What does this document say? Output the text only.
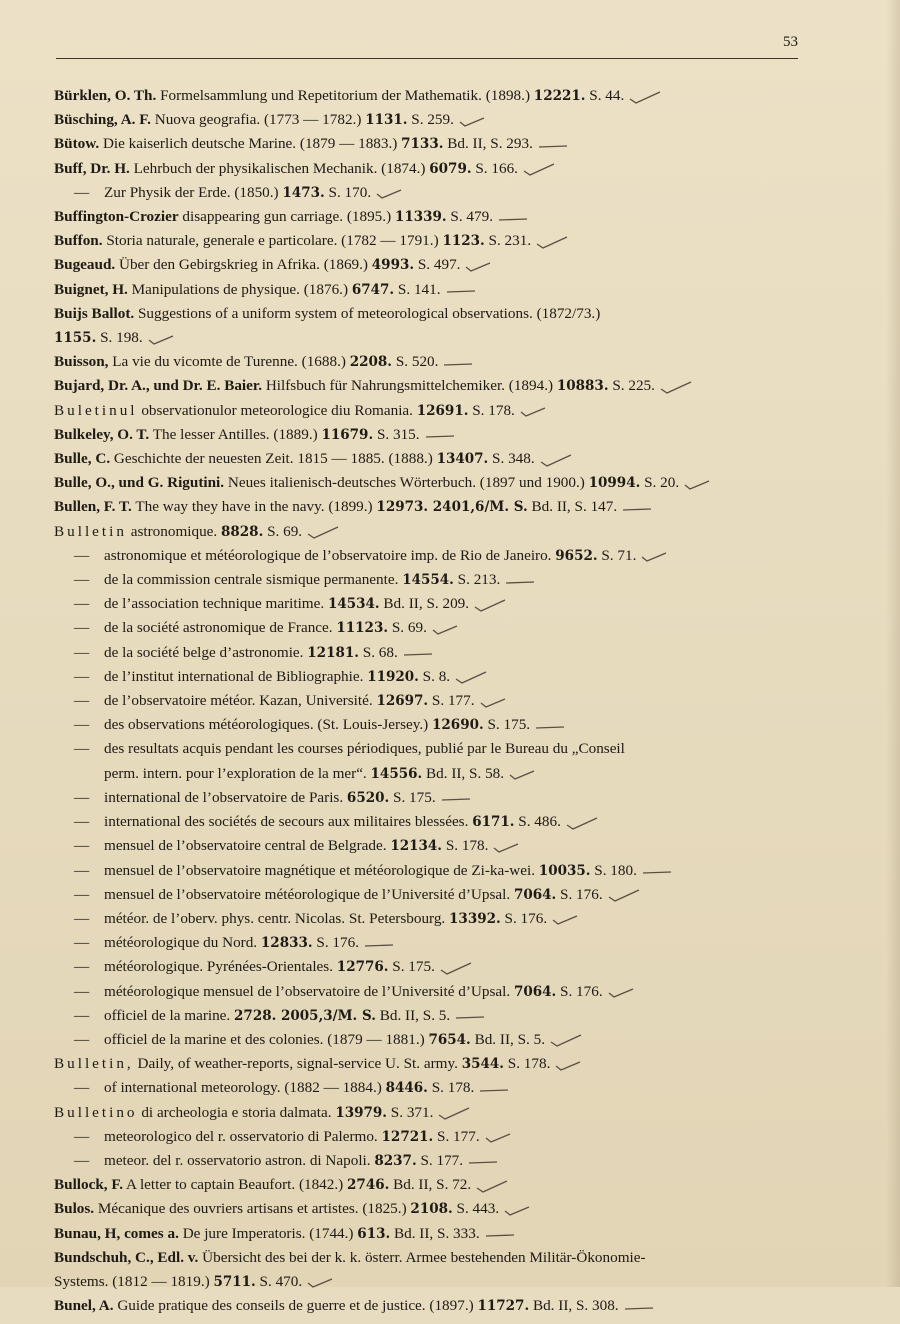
53
Bürklen, O. Th. Formelsammlung und Repetitorium der Mathematik. (1898.) 12221. S. 44.
Büsching, A. F. Nuova geografia. (1773 — 1782.) 1131. S. 259.
Bütow. Die kaiserlich deutsche Marine. (1879 — 1883.) 7133. Bd. II, S. 293.
Buff, Dr. H. Lehrbuch der physikalischen Mechanik. (1874.) 6079. S. 166.
— Zur Physik der Erde. (1850.) 1473. S. 170.
Buffington-Crozier disappearing gun carriage. (1895.) 11339. S. 479.
Buffon. Storia naturale, generale e particolare. (1782 — 1791.) 1123. S. 231.
Bugeaud. Über den Gebirgskrieg in Afrika. (1869.) 4993. S. 497.
Buignet, H. Manipulations de physique. (1876.) 6747. S. 141.
Buijs Ballot. Suggestions of a uniform system of meteorological observations. (1872/73.)
1155. S. 198.
Buisson, La vie du vicomte de Turenne. (1688.) 2208. S. 520.
Bujard, Dr. A., und Dr. E. Baier. Hilfsbuch für Nahrungsmittelchemiker. (1894.) 10883. S. 225.
Buletinul observationulor meteorologice diu Romania. 12691. S. 178.
Bulkeley, O. T. The lesser Antilles. (1889.) 11679. S. 315.
Bulle, C. Geschichte der neuesten Zeit. 1815 — 1885. (1888.) 13407. S. 348.
Bulle, O., und G. Rigutini. Neues italienisch-deutsches Wörterbuch. (1897 und 1900.) 10994. S. 20.
Bullen, F. T. The way they have in the navy. (1899.) 12973. 2401,6/M. S. Bd. II, S. 147.
Bulletin astronomique. 8828. S. 69.
— astronomique et météorologique de l’observatoire imp. de Rio de Janeiro. 9652. S. 71.
— de la commission centrale sismique permanente. 14554. S. 213.
— de l’association technique maritime. 14534. Bd. II, S. 209.
— de la société astronomique de France. 11123. S. 69.
— de la société belge d’astronomie. 12181. S. 68.
— de l’institut international de Bibliographie. 11920. S. 8.
— de l’observatoire météor. Kazan, Université. 12697. S. 177.
— des observations météorologiques. (St. Louis-Jersey.) 12690. S. 175.
— des resultats acquis pendant les courses périodiques, publié par le Bureau du „Conseil
perm. intern. pour l’exploration de la mer“. 14556. Bd. II, S. 58.
— international de l’observatoire de Paris. 6520. S. 175.
— international des sociétés de secours aux militaires blessées. 6171. S. 486.
— mensuel de l’observatoire central de Belgrade. 12134. S. 178.
— mensuel de l’observatoire magnétique et météorologique de Zi-ka-wei. 10035. S. 180.
— mensuel de l’observatoire météorologique de l’Université d’Upsal. 7064. S. 176.
— météor. de l’oberv. phys. centr. Nicolas. St. Petersbourg. 13392. S. 176.
— météorologique du Nord. 12833. S. 176.
— météorologique. Pyrénées-Orientales. 12776. S. 175.
— météorologique mensuel de l’observatoire de l’Université d’Upsal. 7064. S. 176.
— officiel de la marine. 2728. 2005,3/M. S. Bd. II, S. 5.
— officiel de la marine et des colonies. (1879 — 1881.) 7654. Bd. II, S. 5.
Bulletin, Daily, of weather-reports, signal-service U. St. army. 3544. S. 178.
— of international meteorology. (1882 — 1884.) 8446. S. 178.
Bulletino di archeologia e storia dalmata. 13979. S. 371.
— meteorologico del r. osservatorio di Palermo. 12721. S. 177.
— meteor. del r. osservatorio astron. di Napoli. 8237. S. 177.
Bullock, F. A letter to captain Beaufort. (1842.) 2746. Bd. II, S. 72.
Bulos. Mécanique des ouvriers artisans et artistes. (1825.) 2108. S. 443.
Bunau, H, comes a. De jure Imperatoris. (1744.) 613. Bd. II, S. 333.
Bundschuh, C., Edl. v. Übersicht des bei der k. k. österr. Armee bestehenden Militär-Ökonomie-
Systems. (1812 — 1819.) 5711. S. 470.
Bunel, A. Guide pratique des conseils de guerre et de justice. (1897.) 11727. Bd. II, S. 308.
